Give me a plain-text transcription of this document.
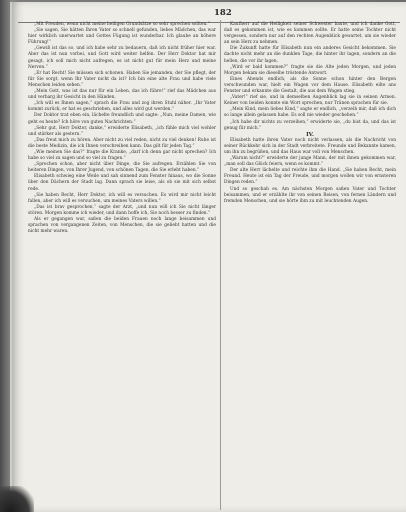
182

„Mit Freuden, wenn nicht meine heiligen Grundsätze so sehr sprechen sollten.“

„Sie sagen, Sie hätten Ihren Vater so schnell gefunden, liebes Mädchen, das war hier wirklich unerwartet und Gottes Fügung ist wunderbar. Ich glaube an höhere Führung!“

„Gewiß ist das so, und ich habe sehr zu bedauern, daß ich nicht früher hier war. Aber das ist nun vorbei, und Gott wird weiter helfen. Der Herr Doktor hat mir gesagt, ich soll mich nicht aufregen, es ist nicht gut für mein Herz und meine Nerven.“

„Er hat Recht! Sie müssen sich schonen. Haben Sie jemanden, der Sie pflegt, der für Sie sorgt, wenn Ihr Vater nicht da ist? Ich bin eine alte Frau und habe viele Menschen leiden sehen.“

„Mein Gott, was ist das nur für ein Leben, das ich führe!“ rief das Mädchen aus und verbarg ihr Gesicht in den Händen.

„Ich will es Ihnen sagen,“ sprach die Frau und zog ihren Stuhl näher. „Ihr Vater kommt zurück, er hat es geschrieben, und alles wird gut werden.“

Der Doktor trat eben ein, lächelte freundlich und sagte: „Nun, meine Damen, wie geht es heute? Ich höre von guten Nachrichten.“

„Sehr gut, Herr Doktor, danke,“ erwiderte Elisabeth, „ich fühle mich viel wohler und stärker als gestern.“

„Das freut mich zu hören. Aber nicht zu viel reden, nicht zu viel denken! Ruhe ist die beste Medizin, die ich Ihnen verschreiben kann. Das gilt für jeden Tag.“

„Wie meinen Sie das?“ fragte die Kranke, „darf ich denn gar nicht sprechen? Ich habe so viel zu sagen und so viel zu fragen.“

„Sprechen schon, aber nicht über Dinge, die Sie aufregen. Erzählen Sie von heiteren Dingen, von Ihrer Jugend, von schönen Tagen, die Sie erlebt haben.“

Elisabeth schwieg eine Weile und sah sinnend zum Fenster hinaus, wo die Sonne über den Dächern der Stadt lag. Dann sprach sie leise, als ob sie mit sich selbst rede.

„Sie haben Recht, Herr Doktor, ich will es versuchen. Es wird mir nicht leicht fallen, aber ich will es versuchen, um meines Vaters willen.“

„Das ist brav gesprochen,“ sagte der Arzt, „und nun will ich Sie nicht länger stören. Morgen komme ich wieder, und dann hoffe ich, Sie noch besser zu finden.“

Als er gegangen war, saßen die beiden Frauen noch lange beisammen und sprachen von vergangenen Zeiten, von Menschen, die sie geliebt hatten und die nicht mehr waren.

Kaufherr auf die Heiligkeit seiner Schwester baute, und ich danke Gott, daß es gekommen ist, wie es kommen sollte. Er hatte seine Tochter nicht vergessen, sondern nur auf den rechten Augenblick gewartet, um sie wieder an sein Herz zu nehmen.

Die Zukunft hatte für Elisabeth nun ein anderes Gesicht bekommen. Sie dachte nicht mehr an die dunklen Tage, die hinter ihr lagen, sondern an die hellen, die vor ihr lagen.

„Wird er bald kommen?“ fragte sie die Alte jeden Morgen, und jeden Morgen bekam sie dieselbe tröstende Antwort.

Eines Abends endlich, als die Sonne schon hinter den Bergen verschwunden war, hielt ein Wagen vor dem Hause. Elisabeth eilte ans Fenster und erkannte die Gestalt, die aus dem Wagen stieg.

„Vater!“ rief sie, und in demselben Augenblick lag sie in seinen Armen. Keiner von beiden konnte ein Wort sprechen, nur Tränen sprachen für sie.

„Mein Kind, mein liebes Kind,“ sagte er endlich, „verzeih mir, daß ich dich so lange allein gelassen habe. Es soll nie wieder geschehen.“

„Ich habe dir nichts zu verzeihen,“ erwiderte sie, „du bist da, und das ist genug für mich.“

IV.

Elisabeth hatte ihren Vater noch nicht verlassen, als die Nachricht von seiner Rückkehr sich in der Stadt verbreitete. Freunde und Bekannte kamen, um ihn zu begrüßen, und das Haus war voll von Menschen.

„Warum nicht?“ erwiderte der junge Mann, der mit ihnen gekommen war, „man soll das Glück feiern, wenn es kommt.“

Der alte Herr lächelte und reichte ihm die Hand. „Sie haben Recht, mein Freund. Heute ist ein Tag der Freude, und morgen wollen wir von ernsteren Dingen reden.“

Und so geschah es. Am nächsten Morgen saßen Vater und Tochter beisammen, und er erzählte ihr von seinen Reisen, von fernen Ländern und fremden Menschen, und sie hörte ihm zu mit leuchtenden Augen.
